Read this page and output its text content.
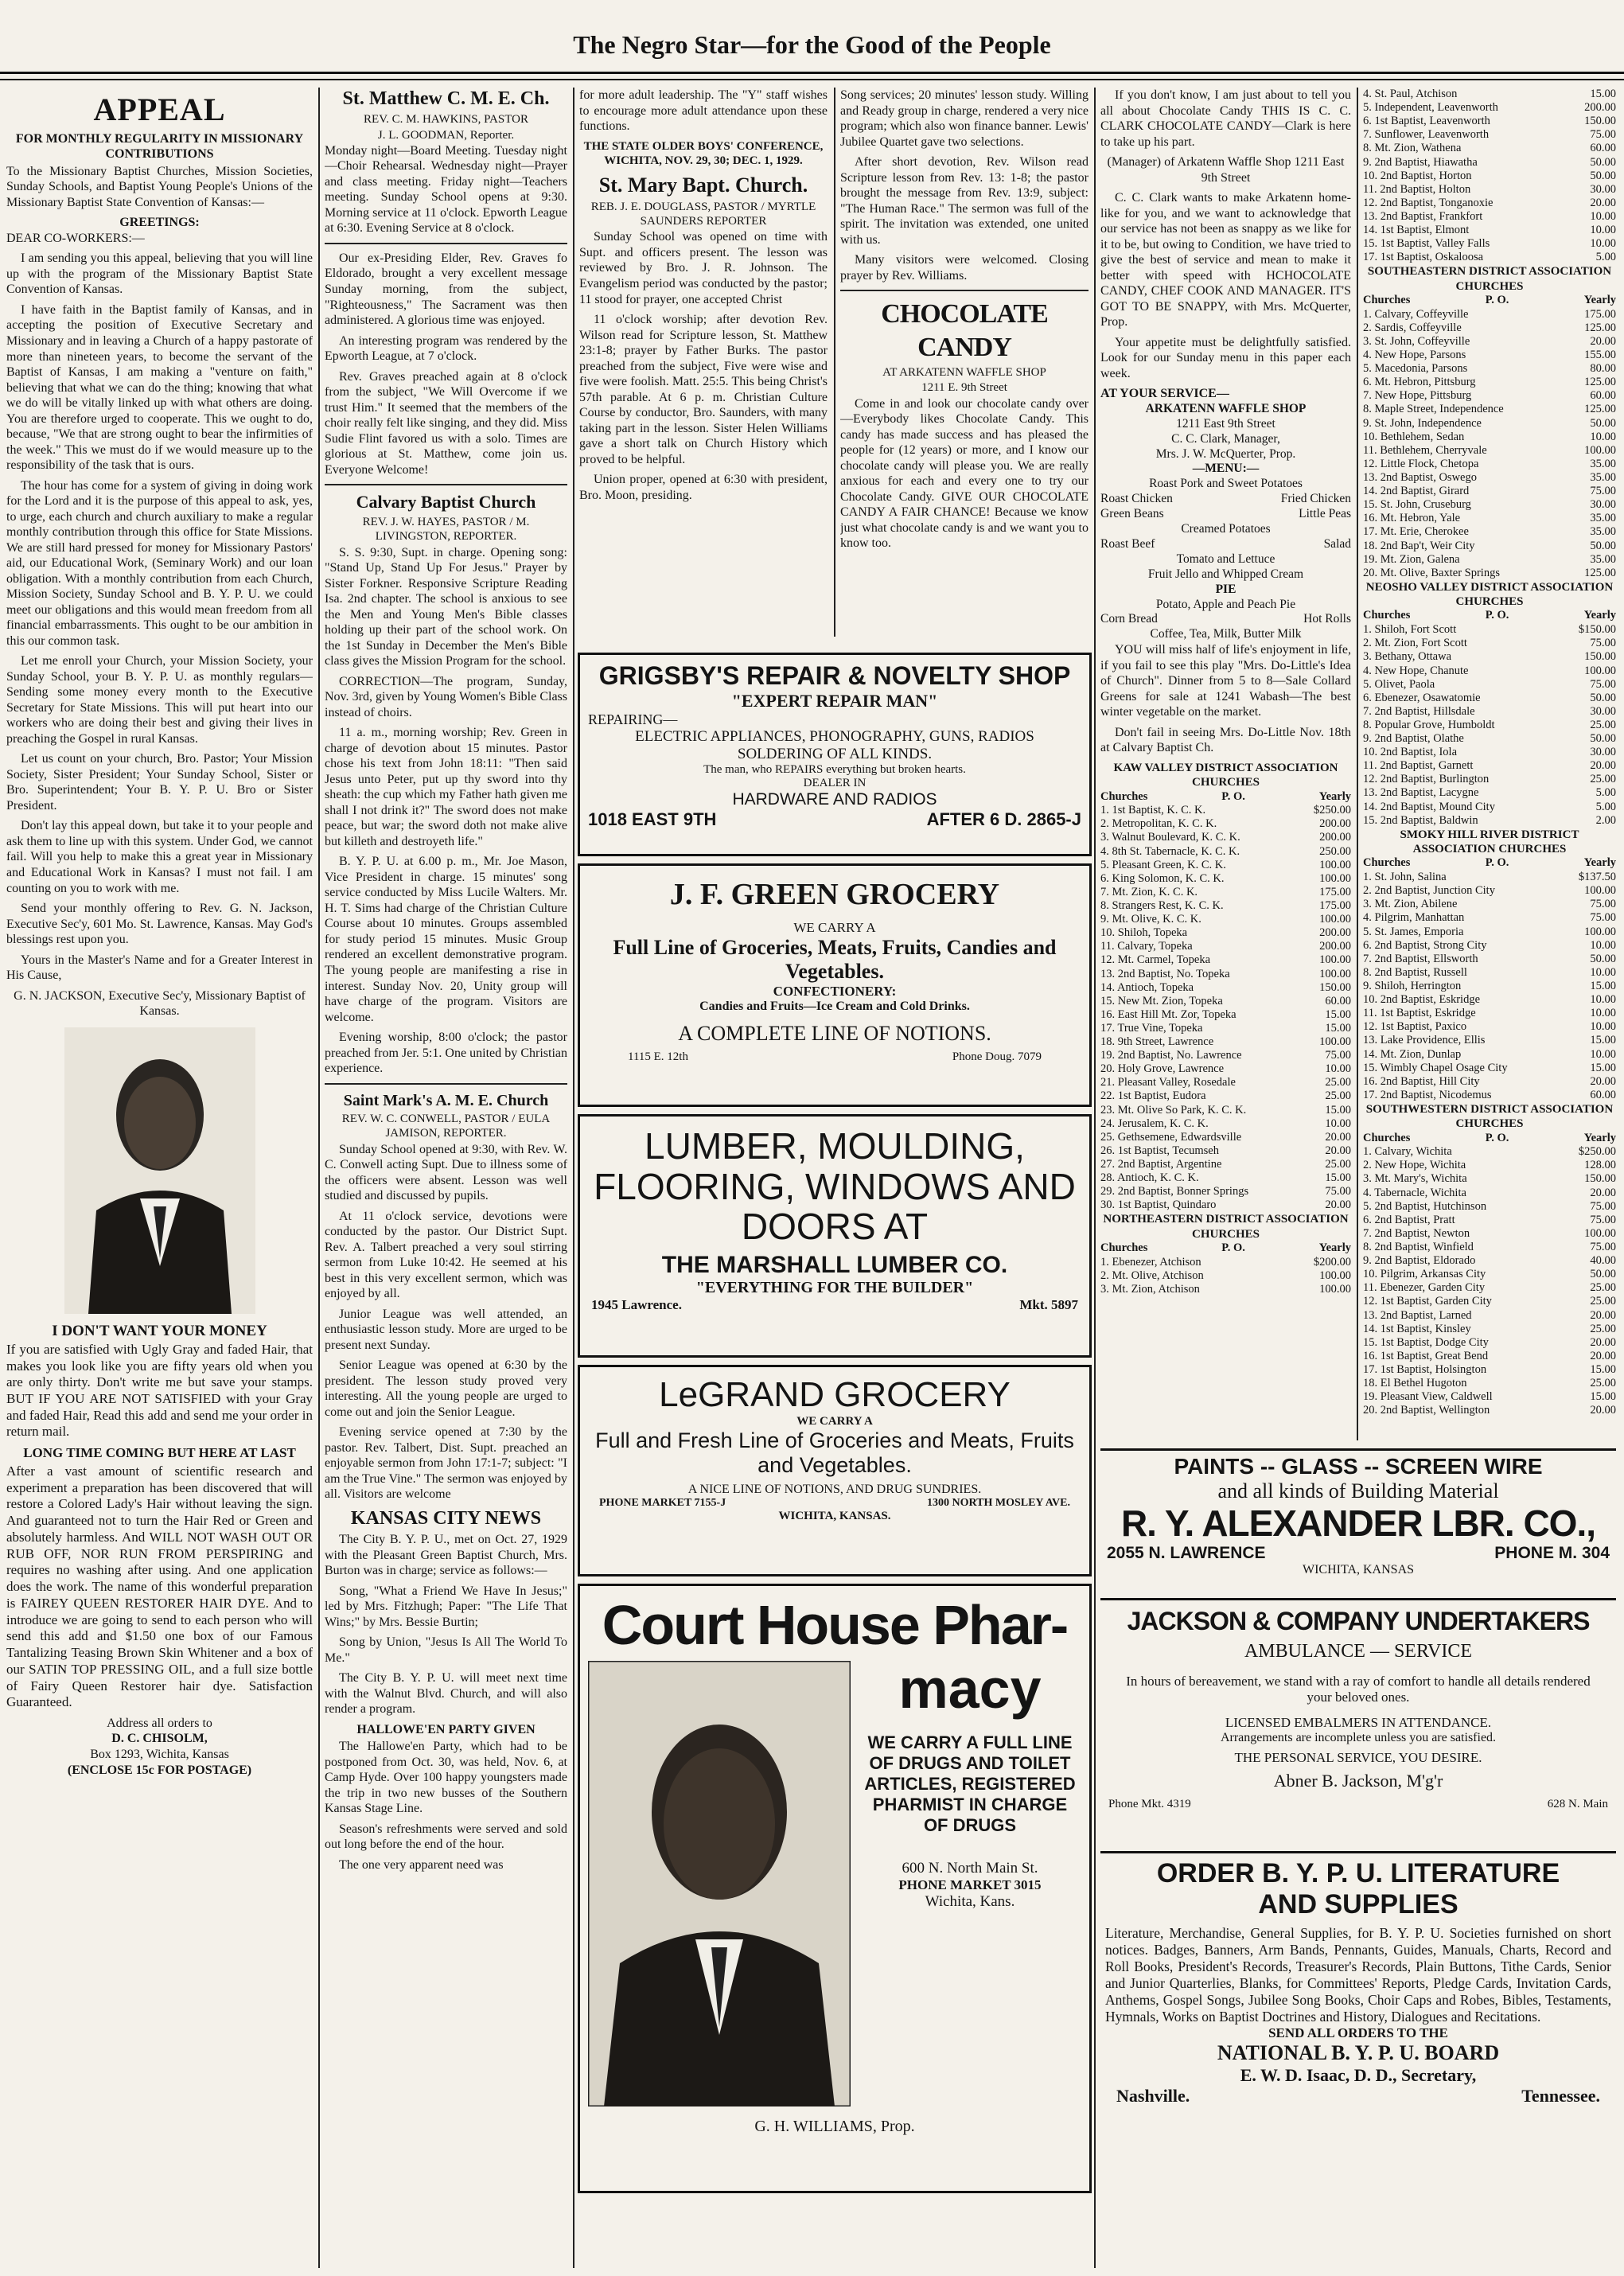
The Negro Star—for the Good of the People
APPEAL
FOR MONTHLY REGULARITY IN MISSIONARY CONTRIBUTIONS

To the Missionary Baptist Churches, Mission Societies, Sunday Schools, and Baptist Young People's Unions of the Missionary Baptist State Convention of Kansas:—

GREETINGS:

DEAR CO-WORKERS:—

I am sending you this appeal, believing that you will line up with the program of the Missionary Baptist State Convention of Kansas.

I have faith in the Baptist family of Kansas, and in accepting the position of Executive Secretary and Missionary and in leaving a Church of a happy pastorate of more than nineteen years, to become the servant of the Baptist of Kansas, I am making a "venture on faith," believing that what we can do the thing; knowing that what we do will be vitally linked up with what others are doing. You are therefore urged to cooperate. This we ought to do, because, "We that are strong ought to bear the infirmities of the week." This we must do if we would measure up to the responsibility of the task that is ours.

The hour has come for a system of giving in doing work for the Lord and it is the purpose of this appeal to ask, yes, to urge, each church and church auxiliary to make a regular monthly contribution through this office for State Missions. We are still hard pressed for money for Missionary Pastors' aid, our Educational Work, (Seminary Work) and our loan obligation. With a monthly contribution from each Church, Mission Society, Sunday School and B. Y. P. U. we could meet our obligations and this would mean freedom from all financial embarrassments. This ought to be our ambition in this our common task.

Let me enroll your Church, your Mission Society, your Sunday School, your B. Y. P. U. as monthly regulars— Sending some money every month to the Executive Secretary for State Missions. This will put heart into our workers who are doing their best and giving their lives in preaching the Gospel in rural Kansas.

Let us count on your church, Bro. Pastor; Your Mission Society, Sister President; Your Sunday School, Sister or Bro. Superintendent; Your B. Y. P. U. Bro or Sister President.

Don't lay this appeal down, but take it to your people and ask them to line up with this system. Under God, we cannot fail. Will you help to make this a great year in Missionary and Educational Work in Kansas? I must not fail. I am counting on you to work with me.

Send your monthly offering to Rev. G. N. Jackson, Executive Sec'y, 601 Mo. St. Lawrence, Kansas. May God's blessings rest upon you.

Yours in the Master's Name and for a Greater Interest in His Cause,

G. N. JACKSON, Executive Sec'y, Missionary Baptist of Kansas.

I DON'T WANT YOUR MONEY

If you are satisfied with Ugly Gray and faded Hair, that makes you look like you are fifty years old when you are only thirty. Don't write me but save your stamps. BUT IF YOU ARE NOT SATISFIED with your Gray and faded Hair, Read this add and send me your order in return mail.

LONG TIME COMING BUT HERE AT LAST

After a vast amount of scientific research and experiment a preparation has been discovered that will restore a Colored Lady's Hair without leaving the sign. And guaranteed not to turn the Hair Red or Green and absolutely harmless. And WILL NOT WASH OUT OR RUB OFF, NOR RUN FROM PERSPIRING and requires no washing after using. And one application does the work. The name of this wonderful preparation is FAIREY QUEEN RESTORER HAIR DYE. And to introduce we are going to send to each person who will send this add and $1.50 one box of our Famous Tantalizing Teasing Brown Skin Whitener and a box of our SATIN TOP PRESSING OIL, and a full size bottle of Fairy Queen Restorer hair dye. Satisfaction Guaranteed.

Address all orders to
D. C. CHISOLM,
Box 1293, Wichita, Kansas
(ENCLOSE 15c FOR POSTAGE)
St. Matthew C. M. E. Ch.
REV. C. M. HAWKINS, PASTOR
J. L. GOODMAN, Reporter.

Monday night—Board Meeting. Tuesday night—Choir Rehearsal. Wednesday night—Prayer and class meeting. Friday night—Teachers meeting. Sunday School opens at 9:30. Morning service at 11 o'clock. Epworth League at 6:30. Evening Service at 8 o'clock.

Our ex-Presiding Elder, Rev. Graves fo Eldorado, brought a very excellent message Sunday morning, from the subject, "Righteousness," The Sacrament was then administered. A glorious time was enjoyed.

An interesting program was rendered by the Epworth League, at 7 o'clock.

Rev. Graves preached again at 8 o'clock from the subject, "We Will Overcome if we trust Him." It seemed that the members of the choir really felt like singing, and they did. Miss Sudie Flint favored us with a solo. Times are glorious at St. Matthew, come join us. Everyone Welcome!

Calvary Baptist Church
REV. J. W. HAYES, PASTOR / M. LIVINGSTON, REPORTER.

S. S. 9:30, Supt. in charge. Opening song: "Stand Up, Stand Up For Jesus." Prayer by Sister Forkner. Responsive Scripture Reading Isa. 2nd chapter. The school is anxious to see the Men and Young Men's Bible classes holding up their part of the school work. On the 1st Sunday in December the Men's Bible class gives the Mission Program for the school.

CORRECTION—The program, Sunday, Nov. 3rd, given by Young Women's Bible Class instead of choirs.

11 a. m., morning worship; Rev. Green in charge of devotion about 15 minutes. Pastor chose his text from John 18:11: "Then said Jesus unto Peter, put up thy sword into thy sheath: the cup which my Father hath given me shall I not drink it?" The sword does not make peace, but war; the sword doth not make alive but killeth and destroyeth life."

B. Y. P. U. at 6.00 p. m., Mr. Joe Mason, Vice President in charge. 15 minutes' song service conducted by Miss Lucile Walters. Mr. H. T. Sims had charge of the Christian Culture Course about 10 minutes. Groups assembled for study period 15 minutes. Music Group rendered an excellent demonstrative program. The young people are manifesting a rise in interest. Sunday Nov. 20, Unity group will have charge of the program. Visitors are welcome.

Evening worship, 8:00 o'clock; the pastor preached from Jer. 5:1. One united by Christian experience.

Saint Mark's A. M. E. Church
REV. W. C. CONWELL, PASTOR / EULA JAMISON, REPORTER.

Sunday School opened at 9:30, with Rev. W. C. Conwell acting Supt. Due to illness some of the officers were absent. Lesson was well studied and discussed by pupils.

At 11 o'clock service, devotions were conducted by the pastor. Our District Supt. Rev. A. Talbert preached a very soul stirring sermon from Luke 10:42. He seemed at his best in this very excellent sermon, which was enjoyed by all.

Junior League was well attended, an enthusiastic lesson study. More are urged to be present next Sunday.

Senior League was opened at 6:30 by the president. The lesson study proved very interesting. All the young people are urged to come out and join the Senior League.

Evening service opened at 7:30 by the pastor. Rev. Talbert, Dist. Supt. preached an enjoyable sermon from John 17:1-7; subject: "I am the True Vine." The sermon was enjoyed by all. Visitors are welcome

KANSAS CITY NEWS

The City B. Y. P. U., met on Oct. 27, 1929 with the Pleasant Green Baptist Church, Mrs. Burton was in charge; service as follows:—

Song, "What a Friend We Have In Jesus;" led by Mrs. Fitzhugh; Paper: "The Life That Wins;" by Mrs. Bessie Burtin;

Song by Union, "Jesus Is All The World To Me."

The City B. Y. P. U. will meet next time with the Walnut Blvd. Church, and will also render a program.

HALLOWE'EN PARTY GIVEN

The Hallowe'en Party, which had to be postponed from Oct. 30, was held, Nov. 6, at Camp Hyde. Over 100 happy youngsters made the trip in two new busses of the Southern Kansas Stage Line.

Season's refreshments were served and sold out long before the end of the hour.

The one very apparent need was

for more adult leadership. The "Y" staff wishes to encourage more adult attendance upon these functions.

THE STATE OLDER BOYS' CONFERENCE, WICHITA, NOV. 29, 30; DEC. 1, 1929.
St. Mary Bapt. Church.
REB. J. E. DOUGLASS, PASTOR / MYRTLE SAUNDERS REPORTER

Sunday School was opened on time with Supt. and officers present. The lesson was reviewed by Bro. J. R. Johnson. The Evangelism period was conducted by the pastor; 11 stood for prayer, one accepted Christ

11 o'clock worship; after devotion Rev. Wilson read for Scripture lesson, St. Matthew 23:1-8; prayer by Father Burks. The pastor preached from the subject, Five were wise and five were foolish. Matt. 25:5. This being Christ's 57th parable. At 6 p. m. Christian Culture Course by conductor, Bro. Saunders, with many taking part in the lesson. Sister Helen Williams gave a short talk on Church History which proved to be helpful.

Union proper, opened at 6:30 with president, Bro. Moon, presiding.

Song services; 20 minutes' lesson study. Willing and Ready group in charge, rendered a very nice program; which also won finance banner. Lewis' Jubilee Quartet gave two selections.

After short devotion, Rev. Wilson read Scripture lesson from Rev. 13: 1-8; the pastor brought the message from Rev. 13:9, subject: "The Human Race." The sermon was full of the spirit. The invitation was extended, one united with us.

Many visitors were welcomed. Closing prayer by Rev. Williams.

CHOCOLATE CANDY
AT ARKATENN WAFFLE SHOP
1211 E. 9th Street

Come in and look our chocolate candy over—Everybody likes Chocolate Candy. This candy has made success and has pleased the people for (12 years) or more, and I know our chocolate candy will please you. We are really anxious for each and every one to try our Chocolate Candy. GIVE OUR CHOCOLATE CANDY A FAIR CHANCE! Because we know just what chocolate candy is and we want you to know too.

If you don't know, I am just about to tell you all about Chocolate Candy THIS IS C. C. CLARK CHOCOLATE CANDY—Clark is here to take up his part.

(Manager) of Arkatenn Waffle Shop 1211 East 9th Street

C. C. Clark wants to make Arkatenn home-like for you, and we want to acknowledge that our service has not been as snappy as we like for it to be, but owing to Condition, we have tried to give the best of service and mean to make it better with speed with HCHOCOLATE CANDY, CHEF COOK AND MANAGER. IT'S GOT TO BE SNAPPY, with Mrs. McQuerter, Prop.

Your appetite must be delightfully satisfied. Look for our Sunday menu in this paper each week.

AT YOUR SERVICE—
ARKATENN WAFFLE SHOP
1211 East 9th Street
C. C. Clark, Manager,
Mrs. J. W. McQuerter, Prop.
—MENU:—
Roast Pork and Sweet Potatoes
Roast Chicken	Fried Chicken
Green Beans	Little Peas
Creamed Potatoes
Roast Beef	Salad
Tomato and Lettuce
Fruit Jello and Whipped Cream
PIE
Potato, Apple and Peach Pie
Corn Bread	Hot Rolls
Coffee, Tea, Milk, Butter Milk

YOU will miss half of life's enjoyment in life, if you fail to see this play "Mrs. Do-Little's Idea of Church". Dinner from 5 to 8—Sale Collard Greens for sale at 1241 Wabash—The best winter vegetable on the market.

Don't fail in seeing Mrs. Do-Little Nov. 18th at Calvary Baptist Ch.

KAW VALLEY DISTRICT ASSOCIATION CHURCHES
Churches	P. O.	Yearly
1. 1st Baptist, K. C. K.	$250.00
2. Metropolitan, K. C. K.	200.00
3. Walnut Boulevard, K. C. K.	200.00
4. 8th St. Tabernacle, K. C. K.	250.00
5. Pleasant Green, K. C. K.	100.00
6. King Solomon, K. C. K.	100.00
7. Mt. Zion, K. C. K.	175.00
8. Strangers Rest, K. C. K.	175.00
9. Mt. Olive, K. C. K.	100.00
10. Shiloh, Topeka	200.00
11. Calvary, Topeka	200.00
12. Mt. Carmel, Topeka	100.00
13. 2nd Baptist, No. Topeka	100.00
14. Antioch, Topeka	150.00
15. New Mt. Zion, Topeka	60.00
16. East Hill Mt. Zor, Topeka	15.00
17. True Vine, Topeka	15.00
18. 9th Street, Lawrence	100.00
19. 2nd Baptist, No. Lawrence	75.00
20. Holy Grove, Lawrence	10.00
21. Pleasant Valley, Rosedale	25.00
22. 1st Baptist, Eudora	25.00
23. Mt. Olive So Park, K. C. K.	15.00
24. Jerusalem, K. C. K.	10.00
25. Gethsemene, Edwardsville	20.00
26. 1st Baptist, Tecumseh	20.00
27. 2nd Baptist, Argentine	25.00
28. Antioch, K. C. K.	15.00
29. 2nd Baptist, Bonner Springs	75.00
30. 1st Baptist, Quindaro	20.00
NORTHEASTERN DISTRICT ASSOCIATION CHURCHES
Churches	P. O.	Yearly
1. Ebenezer, Atchison	$200.00
2. Mt. Olive, Atchison	100.00
3. Mt. Zion, Atchison	100.00
4. St. Paul, Atchison	15.00
5. Independent, Leavenworth	200.00
6. 1st Baptist, Leavenworth	150.00
7. Sunflower, Leavenworth	75.00
8. Mt. Zion, Wathena	60.00
9. 2nd Baptist, Hiawatha	50.00
10. 2nd Baptist, Horton	50.00
11. 2nd Baptist, Holton	30.00
12. 2nd Baptist, Tonganoxie	20.00
13. 2nd Baptist, Frankfort	10.00
14. 1st Baptist, Elmont	10.00
15. 1st Baptist, Valley Falls	10.00
17. 1st Baptist, Oskaloosa	5.00
SOUTHEASTERN DISTRICT ASSOCIATION CHURCHES
Churches	P. O.	Yearly
1. Calvary, Coffeyville	175.00
2. Sardis, Coffeyville	125.00
3. St. John, Coffeyville	20.00
4. New Hope, Parsons	155.00
5. Macedonia, Parsons	80.00
6. Mt. Hebron, Pittsburg	125.00
7. New Hope, Pittsburg	60.00
8. Maple Street, Independence	125.00
9. St. John, Independence	50.00
10. Bethlehem, Sedan	10.00
11. Bethlehem, Cherryvale	100.00
12. Little Flock, Chetopa	35.00
13. 2nd Baptist, Oswego	35.00
14. 2nd Baptist, Girard	75.00
15. St. John, Cruseburg	30.00
16. Mt. Hebron, Yale	35.00
17. Mt. Erie, Cherokee	35.00
18. 2nd Bap't, Weir City	50.00
19. Mt. Zion, Galena	35.00
20. Mt. Olive, Baxter Springs	125.00
NEOSHO VALLEY DISTRICT ASSOCIATION CHURCHES
Churches	P. O.	Yearly
1. Shiloh, Fort Scott	$150.00
2. Mt. Zion, Fort Scott	75.00
3. Bethany, Ottawa	150.00
4. New Hope, Chanute	100.00
5. Olivet, Paola	75.00
6. Ebenezer, Osawatomie	50.00
7. 2nd Baptist, Hillsdale	30.00
8. Popular Grove, Humboldt	25.00
9. 2nd Baptist, Olathe	50.00
10. 2nd Baptist, Iola	30.00
11. 2nd Baptist, Garnett	20.00
12. 2nd Baptist, Burlington	25.00
13. 2nd Baptist, Lacygne	5.00
14. 2nd Baptist, Mound City	5.00
15. 2nd Baptist, Baldwin	2.00
SMOKY HILL RIVER DISTRICT ASSOCIATION CHURCHES
Churches	P. O.	Yearly
1. St. John, Salina	$137.50
2. 2nd Baptist, Junction City	100.00
3. Mt. Zion, Abilene	75.00
4. Pilgrim, Manhattan	75.00
5. St. James, Emporia	100.00
6. 2nd Baptist, Strong City	10.00
7. 2nd Baptist, Ellsworth	50.00
8. 2nd Baptist, Russell	10.00
9. Shiloh, Herrington	15.00
10. 2nd Baptist, Eskridge	10.00
11. 1st Baptist, Eskridge	10.00
12. 1st Baptist, Paxico	10.00
13. Lake Providence, Ellis	15.00
14. Mt. Zion, Dunlap	10.00
15. Wimbly Chapel Osage City	15.00
16. 2nd Baptist, Hill City	20.00
17. 2nd Baptist, Nicodemus	60.00
SOUTHWESTERN DISTRICT ASSOCIATION CHURCHES
Churches	P. O.	Yearly
1. Calvary, Wichita	$250.00
2. New Hope, Wichita	128.00
3. Mt. Mary's, Wichita	150.00
4. Tabernacle, Wichita	20.00
5. 2nd Baptist, Hutchinson	75.00
6. 2nd Baptist, Pratt	75.00
7. 2nd Baptist, Newton	100.00
8. 2nd Baptist, Winfield	75.00
9. 2nd Baptist, Eldorado	40.00
10. Pilgrim, Arkansas City	50.00
11. Ebenezer, Garden City	25.00
12. 1st Baptist, Garden City	25.00
13. 2nd Baptist, Larned	20.00
14. 1st Baptist, Kinsley	25.00
15. 1st Baptist, Dodge City	20.00
16. 1st Baptist, Great Bend	20.00
17. 1st Baptist, Holsington	15.00
18. El Bethel Hugoton	25.00
19. Pleasant View, Caldwell	15.00
20. 2nd Baptist, Wellington	20.00
GRIGSBY'S REPAIR & NOVELTY SHOP
"EXPERT REPAIR MAN"
REPAIRING—
ELECTRIC APPLIANCES, PHONOGRAPHY, GUNS, RADIOS
SOLDERING OF ALL KINDS.
The man, who REPAIRS everything but broken hearts.
DEALER IN
HARDWARE AND RADIOS
1018 EAST 9TH	AFTER 6 D. 2865-J
J. F. GREEN GROCERY
WE CARRY A
Full Line of Groceries, Meats, Fruits, Candies and Vegetables.
CONFECTIONERY:
Candies and Fruits—Ice Cream and Cold Drinks.
A COMPLETE LINE OF NOTIONS.
1115 E. 12th	Phone Doug. 7079
LUMBER, MOULDING, FLOORING, WINDOWS AND DOORS AT
THE MARSHALL LUMBER CO.
"EVERYTHING FOR THE BUILDER"
1945 Lawrence.	Mkt. 5897
LeGRAND GROCERY
WE CARRY A
Full and Fresh Line of Groceries and Meats, Fruits and Vegetables.
A NICE LINE OF NOTIONS, AND DRUG SUNDRIES.
PHONE MARKET 7155-J	1300 NORTH MOSLEY AVE.
WICHITA, KANSAS.
Court House Phar-
macy
WE CARRY A FULL LINE OF DRUGS AND TOILET ARTICLES, REGISTERED PHARMIST IN CHARGE OF DRUGS
600 N. North Main St.
PHONE MARKET 3015
Wichita, Kans.
G. H. WILLIAMS, Prop.
PAINTS -- GLASS -- SCREEN WIRE
and all kinds of Building Material
R. Y. ALEXANDER LBR. CO.,
2055 N. LAWRENCE	PHONE M. 304
WICHITA, KANSAS
JACKSON & COMPANY UNDERTAKERS
AMBULANCE — SERVICE
In hours of bereavement, we stand with a ray of comfort to handle all details rendered your beloved ones.
LICENSED EMBALMERS IN ATTENDANCE.
Arrangements are incomplete unless you are satisfied.
THE PERSONAL SERVICE, YOU DESIRE.
Abner B. Jackson, M'g'r
Phone Mkt. 4319	628 N. Main
ORDER B. Y. P. U. LITERATURE AND SUPPLIES
Literature, Merchandise, General Supplies, for B. Y. P. U. Societies furnished on short notices. Badges, Banners, Arm Bands, Pennants, Guides, Manuals, Charts, Record and Roll Books, President's Records, Treasurer's Records, Plain Buttons, Tithe Cards, Senior and Junior Quarterlies, Blanks, for Committees' Reports, Pledge Cards, Invitation Cards, Anthems, Gospel Songs, Jubilee Song Books, Choir Caps and Robes, Bibles, Testaments, Hymnals, Works on Baptist Doctrines and History, Dialogues and Recitations.
SEND ALL ORDERS TO THE
NATIONAL B. Y. P. U. BOARD
E. W. D. Isaac, D. D., Secretary,
Nashville.	Tennessee.
